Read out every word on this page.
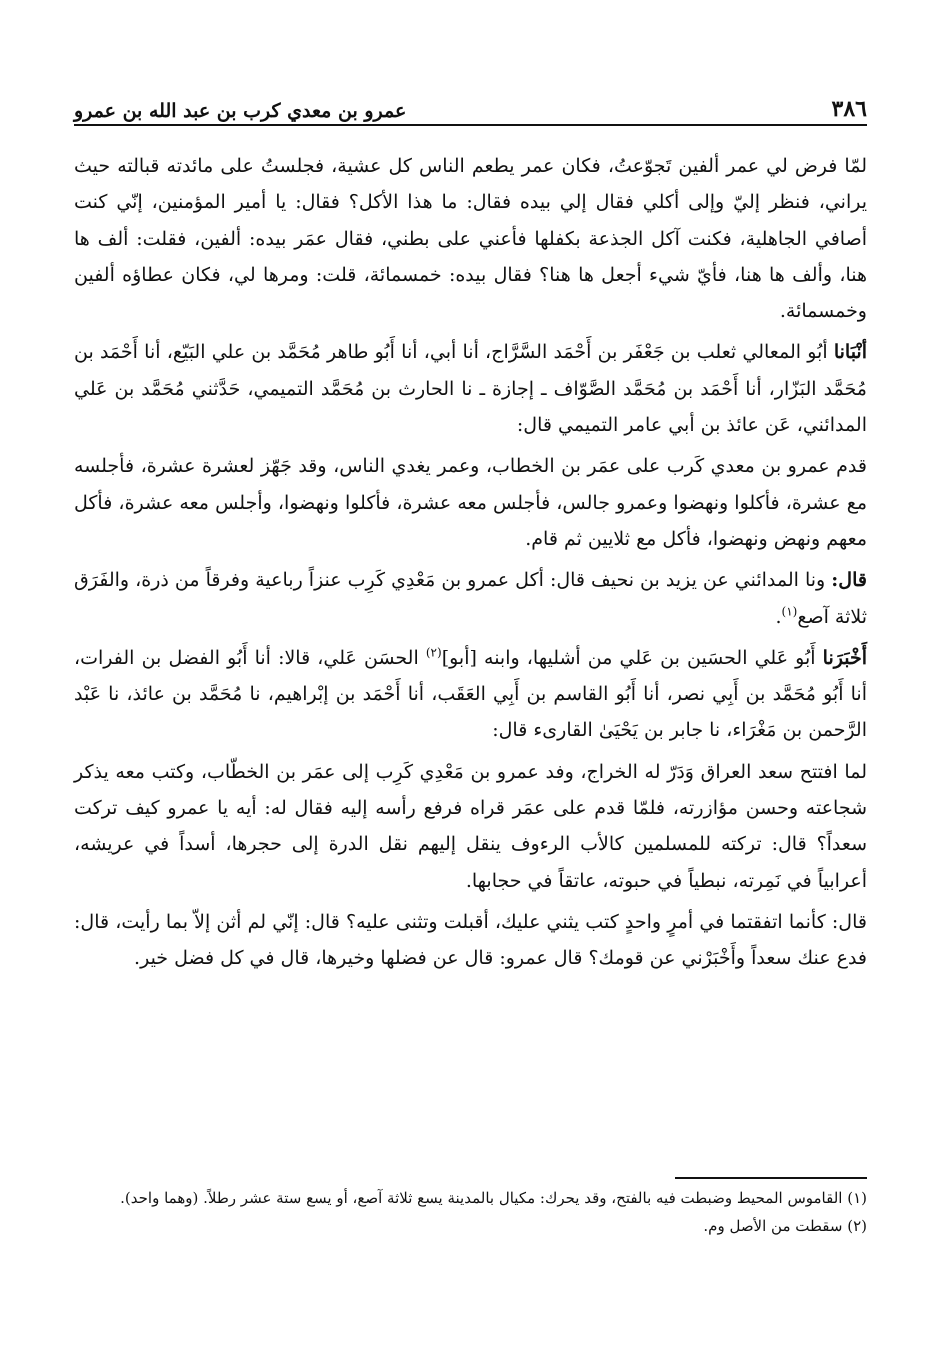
٣٨٦
عمرو بن معدي كرب بن عبد الله بن عمرو

لمّا فرض لي عمر ألفين تَجوّعتُ، فكان عمر يطعم الناس كل عشية، فجلستُ على مائدته قبالته حيث يراني، فنظر إليّ وإلى أكلي فقال إلي بيده فقال: ما هذا الأكل؟ فقال: يا أمير المؤمنين، إنّي كنت أصافي الجاهلية، فكنت آكل الجذعة بكفلها فأعني على بطني، فقال عمَر بيده: ألفين، فقلت: ألف ها هنا، وألف ها هنا، فأيّ شيء أجعل ها هنا؟ فقال بيده: خمسمائة، قلت: ومرها لي، فكان عطاؤه ألفين وخمسمائة.

أنْبَانا أبُو المعالي ثعلب بن جَعْفَر بن أَحْمَد السَّرَّاج، أنا أبي، أنا أَبُو طاهر مُحَمَّد بن علي البَيّع، أنا أَحْمَد بن مُحَمَّد البَزّار، أنا أَحْمَد بن مُحَمَّد الصَّوّاف ـ إجازة ـ نا الحارث بن مُحَمَّد التميمي، حَدَّثني مُحَمَّد بن عَلي المدائني، عَن عائذ بن أبي عامر التميمي قال:

قدم عمرو بن معدي كَرب على عمَر بن الخطاب، وعمر يغدي الناس، وقد جَهّز لعشرة عشرة، فأجلسه مع عشرة، فأكلوا ونهضوا وعمرو جالس، فأجلس معه عشرة، فأكلوا ونهضوا، وأجلس معه عشرة، فأكل معهم ونهض ونهضوا، فأكل مع ثلايين ثم قام.

قال: ونا المدائني عن يزيد بن نحيف قال: أكل عمرو بن مَعْدِي كَرِب عنزاً رباعية وفرقاً من ذرة، والفَرَق ثلاثة آصع$^{(١)}$.

أَخْبَرَنا أَبُو عَلي الحسَين بن عَلي من أشليها، وابنه [أبو]$^{(٢)}$ الحسَن عَلي، قالا: أنا أَبُو الفضل بن الفرات، أنا أَبُو مُحَمَّد بن أَبِي نصر، أنا أَبُو القاسم بن أَبِي العَقَب، أنا أَحْمَد بن إبْراهيم، نا مُحَمَّد بن عائذ، نا عَبْد الرَّحمن بن مَغْرَاء، نا جابر بن يَحْيَىٰ القارىء قال:

لما افتتح سعد العراق وَدَرّ له الخراج، وفد عمرو بن مَعْدِي كَرِب إلى عمَر بن الخطّاب، وكتب معه يذكر شجاعته وحسن مؤازرته، فلمّا قدم على عمَر قراه فرفع رأسه إليه فقال له: أيه يا عمرو كيف تركت سعداً؟ قال: تركته للمسلمين كالأب الرءوف ينقل إليهم نقل الدرة إلى حجرها، أسداً في عريشه، أعرابياً في نَمِرته، نبطياً في حبوته، عاتقاً في حجابها.

قال: كأنما اتفقتما في أمرٍ واحدٍ كتب يثني عليك، أقبلت وتثنى عليه؟ قال: إنّي لم أثن إلاّ بما رأيت، قال: فدع عنك سعداً وأَخْبَرْني عن قومك؟ قال عمرو: قال عن فضلها وخيرها، قال في كل فضل خير.

(١) القاموس المحيط وضبطت فيه بالفتح، وقد يحرك: مكيال بالمدينة يسع ثلاثة آصع، أو يسع ستة عشر رطلاً. (وهما واحد).

(٢) سقطت من الأصل وم.
